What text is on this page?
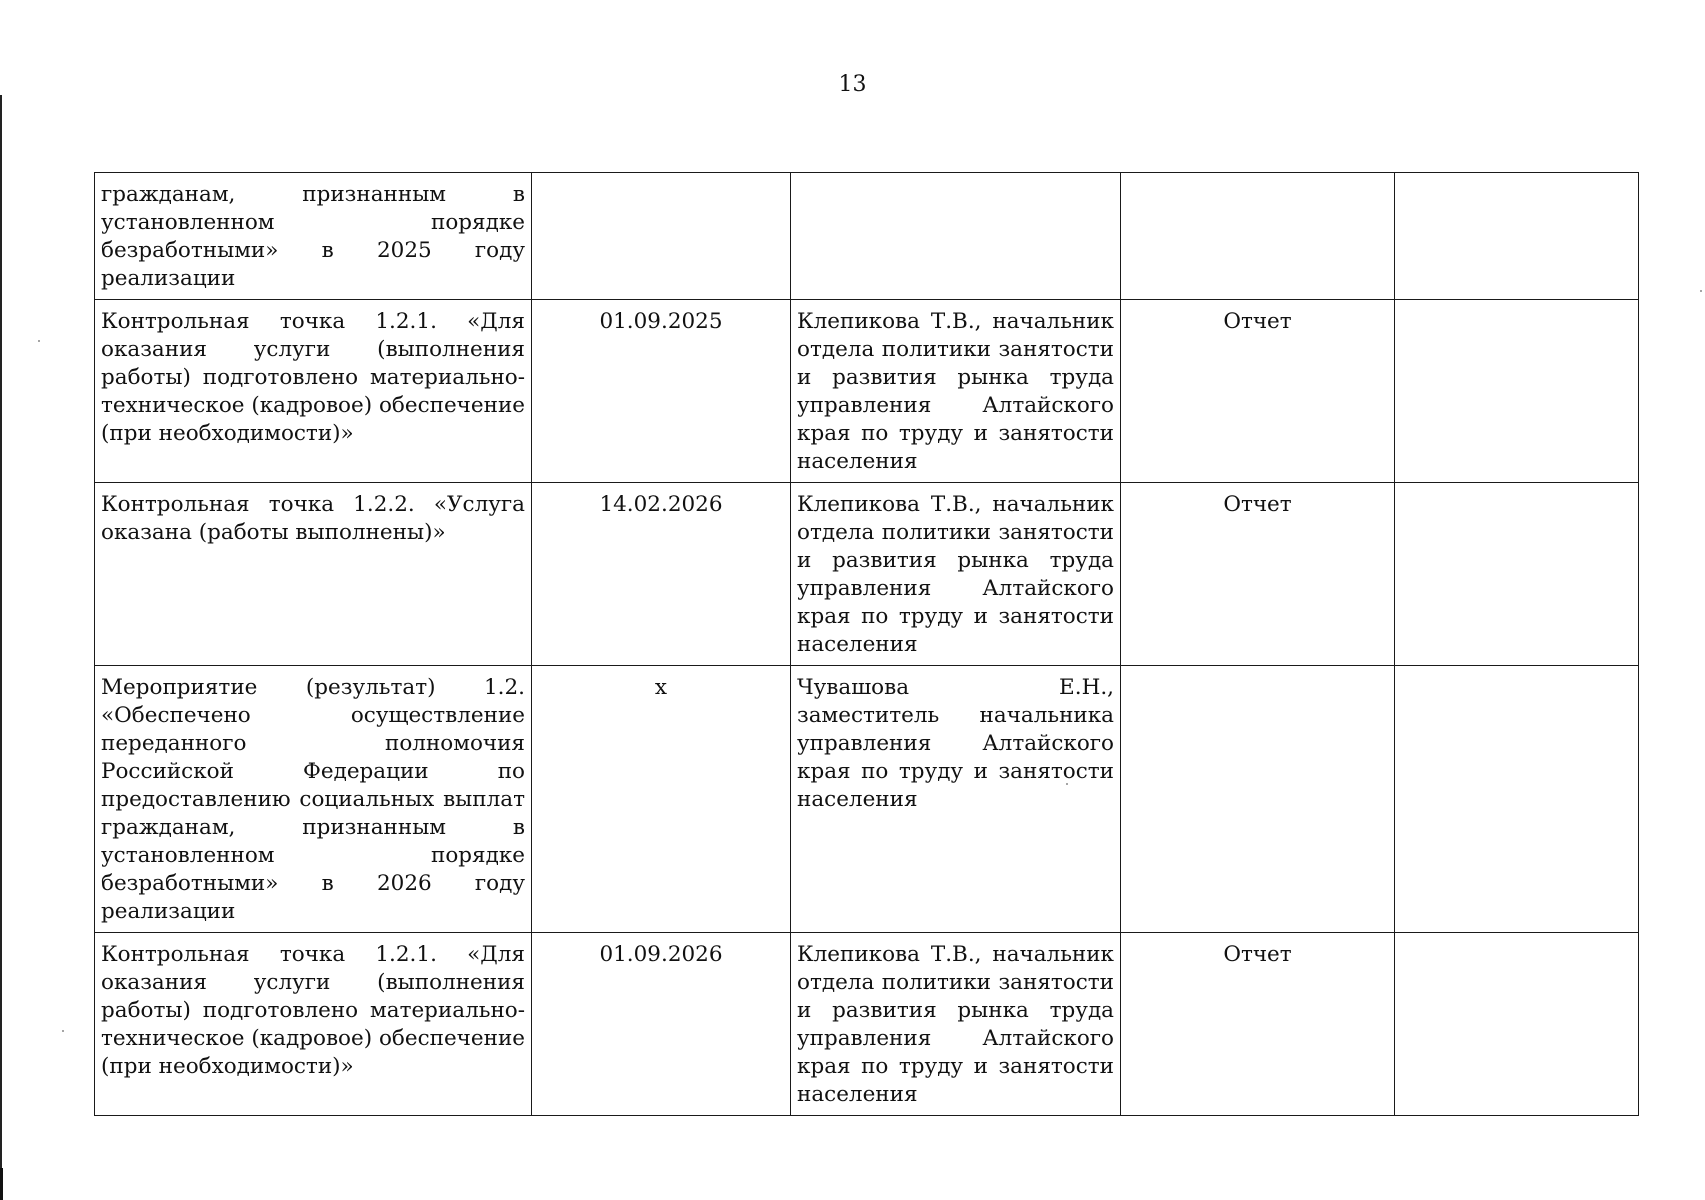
13
гражданам, признанным в установленном порядке безработными» в 2025 году реализации				
Контрольная точка 1.2.1. «Для оказания услуги (выполнения работы) подготовлено материально-техническое (кадровое) обеспечение (при необходимости)»	01.09.2025	Клепикова Т.В., начальник отдела политики занятости и развития рынка труда управления Алтайского края по труду и занятости населения	Отчет	
Контрольная точка 1.2.2. «Услуга оказана (работы выполнены)»	14.02.2026	Клепикова Т.В., начальник отдела политики занятости и развития рынка труда управления Алтайского края по труду и занятости населения	Отчет	
Мероприятие (результат) 1.2. «Обеспечено осуществление переданного полномочия Российской Федерации по предоставлению социальных выплат гражданам, признанным в установленном порядке безработными» в 2026 году реализации	х	Чувашова Е.Н., заместитель начальника управления Алтайского края по труду и занятости населения		
Контрольная точка 1.2.1. «Для оказания услуги (выполнения работы) подготовлено материально-техническое (кадровое) обеспечение (при необходимости)»	01.09.2026	Клепикова Т.В., начальник отдела политики занятости и развития рынка труда управления Алтайского края по труду и занятости населения	Отчет	
